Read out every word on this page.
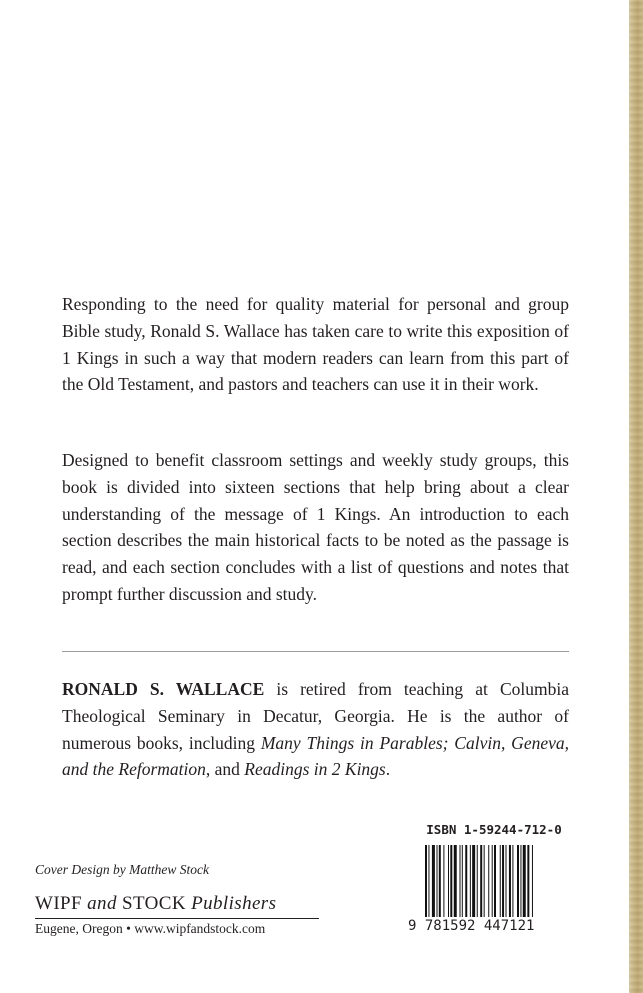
Responding to the need for quality material for personal and group Bible study, Ronald S. Wallace has taken care to write this exposition of 1 Kings in such a way that modern readers can learn from this part of the Old Testament, and pastors and teachers can use it in their work.

Designed to benefit classroom settings and weekly study groups, this book is divided into sixteen sections that help bring about a clear understanding of the message of 1 Kings. An introduction to each section describes the main historical facts to be noted as the passage is read, and each section concludes with a list of questions and notes that prompt further discussion and study.

RONALD S. WALLACE is retired from teaching at Columbia Theological Seminary in Decatur, Georgia. He is the author of numerous books, including Many Things in Parables; Calvin, Geneva, and the Reformation, and Readings in 2 Kings.

Cover Design by Matthew Stock
WIPF and STOCK Publishers
Eugene, Oregon • www.wipfandstock.com
ISBN 1-59244-712-0
9 781592 447121
